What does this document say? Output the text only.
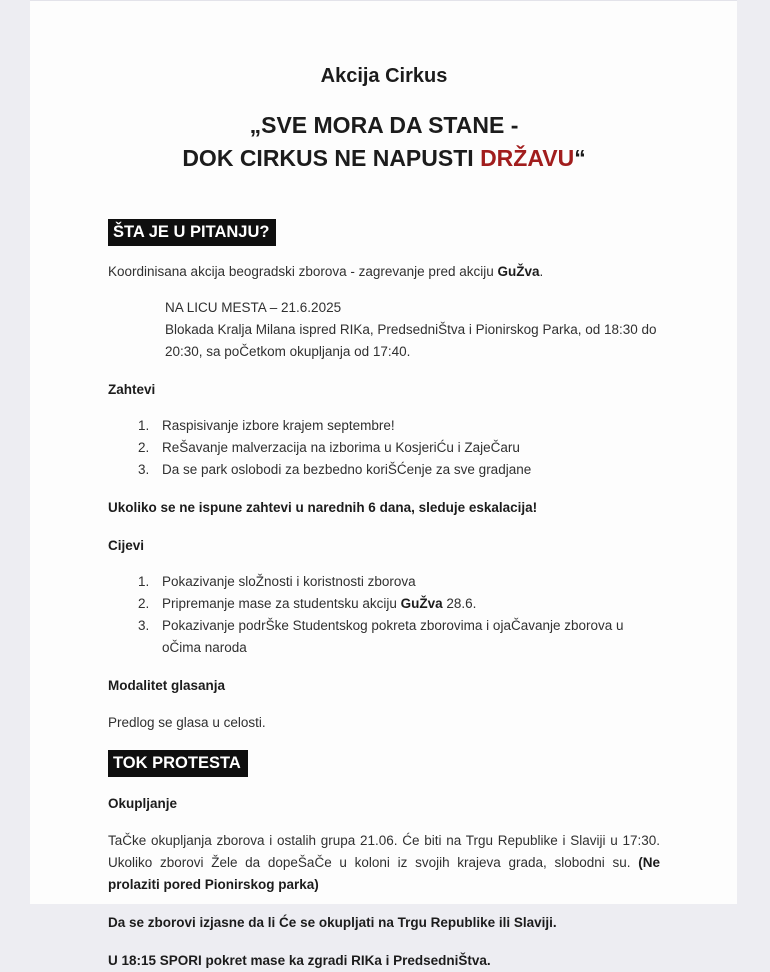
Akcija Cirkus
„SVE MORA DA STANE -
DOK CIRKUS NE NAPUSTI DRŽAVU“
ŠTA JE U PITANJU?
Koordinisana akcija beogradski zborova - zagrevanje pred akciju GuŽva.
NA LICU MESTA – 21.6.2025
Blokada Kralja Milana ispred RIKa, PredsedniŠtva i Pionirskog Parka, od 18:30 do 20:30, sa poČetkom okupljanja od 17:40.
Zahtevi
1. Raspisivanje izbore krajem septembre!
2. ReŠavanje malverzacija na izborima u KosjeriĆu i ZajeČaru
3. Da se park oslobodi za bezbedno koriŠĆenje za sve gradjane
Ukoliko se ne ispune zahtevi u narednih 6 dana, sleduje eskalacija!
Cijevi
1. Pokazivanje sloŽnosti i koristnosti zborova
2. Pripremanje mase za studentsku akciju GuŽva 28.6.
3. Pokazivanje podrŠke Studentskog pokreta zborovima i ojaČavanje zborova u oČima naroda
Modalitet glasanja
Predlog se glasa u celosti.
TOK PROTESTA
Okupljanje
TaČke okupljanja zborova i ostalih grupa 21.06. Će biti na Trgu Republike i Slaviji u 17:30. Ukoliko zborovi Žele da dopeŠaČe u koloni iz svojih krajeva grada, slobodni su. (Ne prolaziti pored Pionirskog parka)
Da se zborovi izjasne da li Će se okupljati na Trgu Republike ili Slaviji.
U 18:15 SPORI pokret mase ka zgradi RIKa i PredsedniŠtva.
